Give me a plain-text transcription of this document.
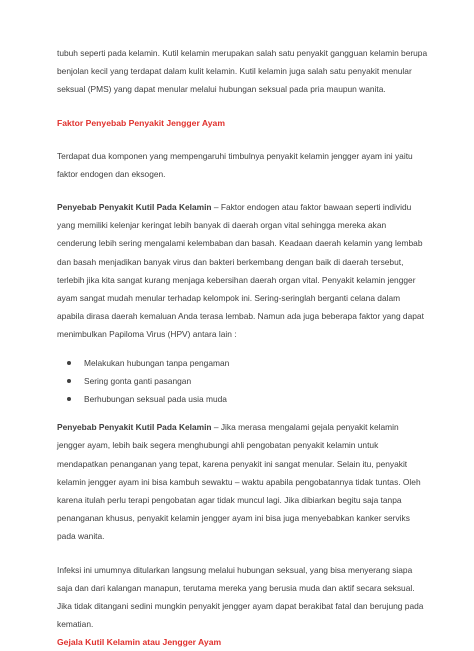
tubuh seperti pada kelamin. Kutil kelamin merupakan salah satu penyakit gangguan kelamin berupa benjolan kecil yang terdapat dalam kulit kelamin. Kutil kelamin juga salah satu penyakit menular seksual (PMS) yang dapat menular melalui hubungan seksual pada pria maupun wanita.

Faktor Penyebab Penyakit Jengger Ayam

Terdapat dua komponen yang mempengaruhi timbulnya penyakit kelamin jengger ayam ini yaitu faktor endogen dan eksogen.

Penyebab Penyakit Kutil Pada Kelamin – Faktor endogen atau faktor bawaan seperti individu yang memiliki kelenjar keringat lebih banyak di daerah organ vital sehingga mereka akan cenderung lebih sering mengalami kelembaban dan basah. Keadaan daerah kelamin yang lembab dan basah menjadikan banyak virus dan bakteri berkembang dengan baik di daerah tersebut, terlebih jika kita sangat kurang menjaga kebersihan daerah organ vital. Penyakit kelamin jengger ayam sangat mudah menular terhadap kelompok ini. Sering-seringlah berganti celana dalam apabila dirasa daerah kemaluan Anda terasa lembab. Namun ada juga beberapa faktor yang dapat menimbulkan Papiloma Virus (HPV) antara lain :

Melakukan hubungan tanpa pengaman
Sering gonta ganti pasangan
Berhubungan seksual pada usia muda

Penyebab Penyakit Kutil Pada Kelamin – Jika merasa mengalami gejala penyakit kelamin jengger ayam, lebih baik segera menghubungi ahli pengobatan penyakit kelamin untuk mendapatkan penanganan yang tepat, karena penyakit ini sangat menular. Selain itu, penyakit kelamin jengger ayam ini bisa kambuh sewaktu – waktu apabila pengobatannya tidak tuntas. Oleh karena itulah perlu terapi pengobatan agar tidak muncul lagi. Jika dibiarkan begitu saja tanpa penanganan khusus, penyakit kelamin jengger ayam ini bisa juga menyebabkan kanker serviks pada wanita.

Infeksi ini umumnya ditularkan langsung melalui hubungan seksual, yang bisa menyerang siapa saja dan dari kalangan manapun, terutama mereka yang berusia muda dan aktif secara seksual. Jika tidak ditangani sedini mungkin penyakit jengger ayam dapat berakibat fatal dan berujung pada kematian.

Gejala Kutil Kelamin atau Jengger Ayam
